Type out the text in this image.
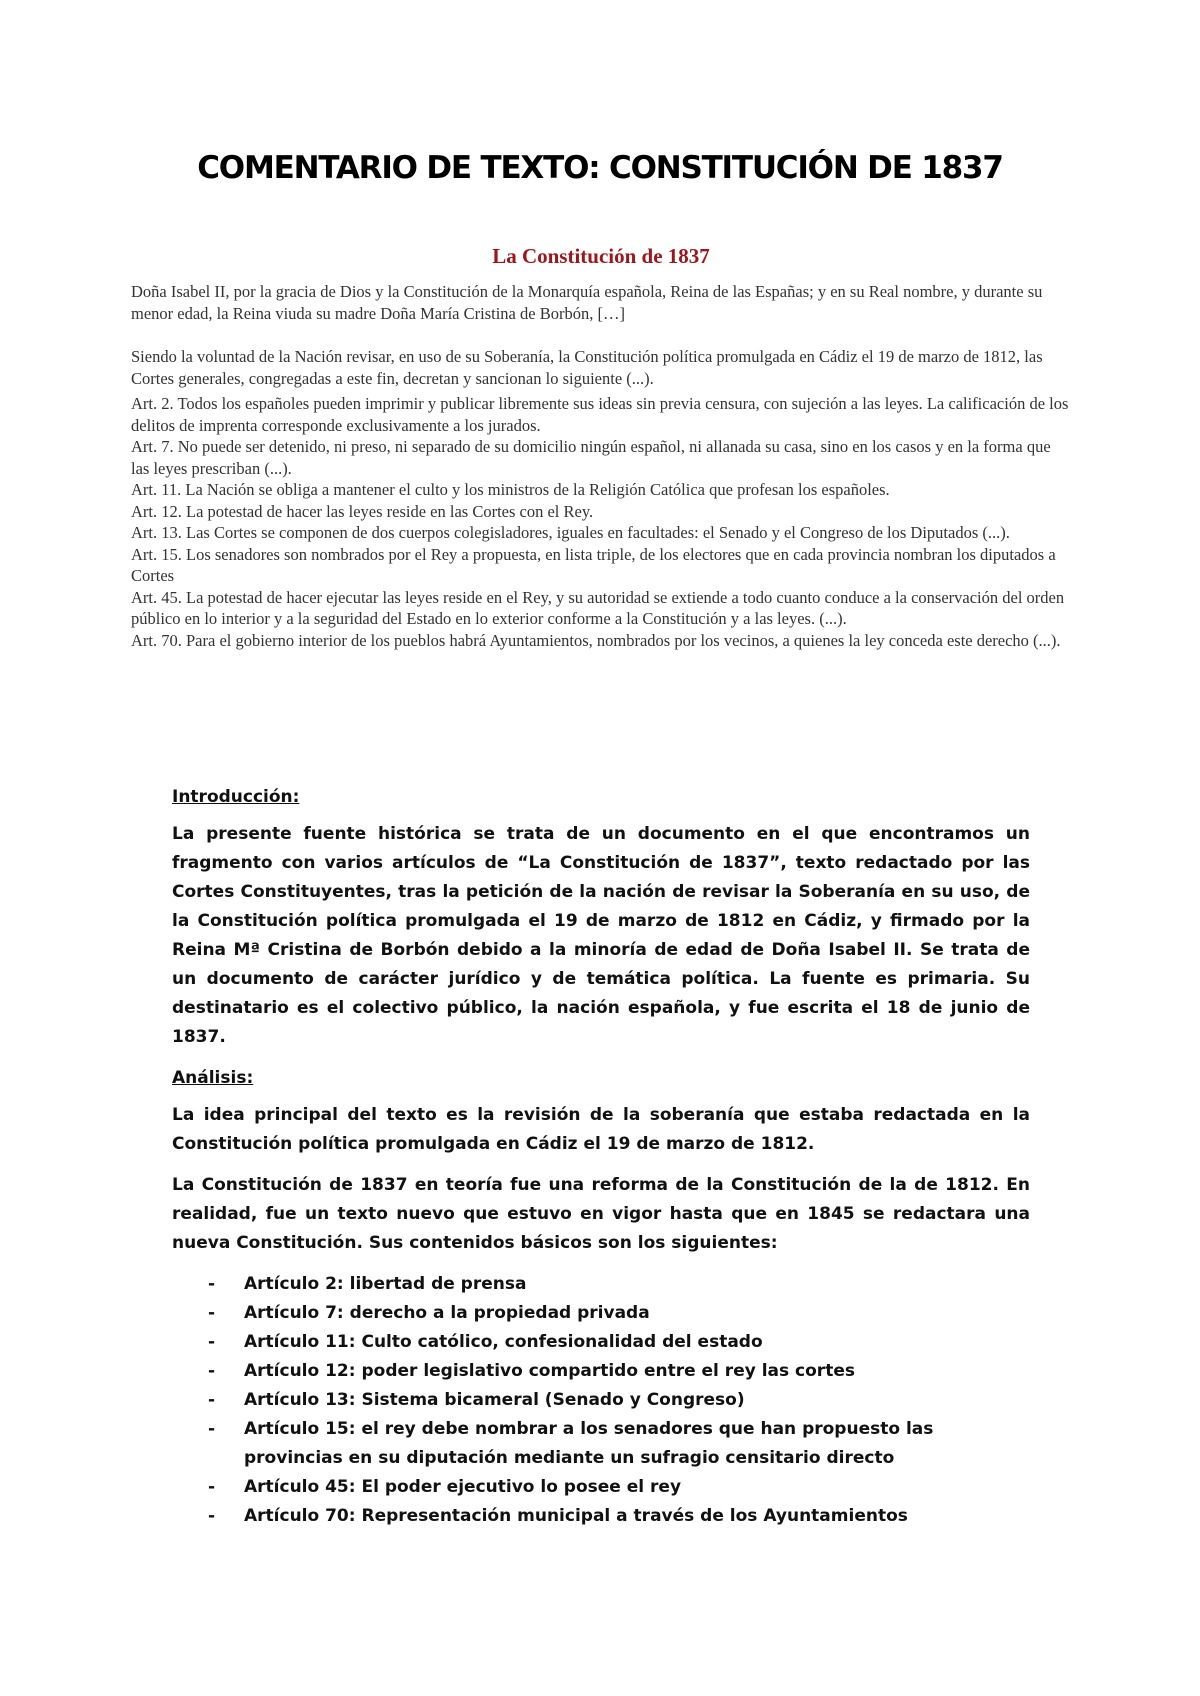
COMENTARIO DE TEXTO: CONSTITUCIÓN DE 1837
La Constitución de 1837

Doña Isabel II, por la gracia de Dios y la Constitución de la Monarquía española, Reina de las Españas; y en su Real nombre, y durante su menor edad, la Reina viuda su madre Doña María Cristina de Borbón, […]

Siendo la voluntad de la Nación revisar, en uso de su Soberanía, la Constitución política promulgada en Cádiz el 19 de marzo de 1812, las Cortes generales, congregadas a este fin, decretan y sancionan lo siguiente (...).

Art. 2. Todos los españoles pueden imprimir y publicar libremente sus ideas sin previa censura, con sujeción a las leyes. La calificación de los delitos de imprenta corresponde exclusivamente a los jurados.

Art. 7. No puede ser detenido, ni preso, ni separado de su domicilio ningún español, ni allanada su casa, sino en los casos y en la forma que las leyes prescriban (...).

Art. 11. La Nación se obliga a mantener el culto y los ministros de la Religión Católica que profesan los españoles.

Art. 12. La potestad de hacer las leyes reside en las Cortes con el Rey.

Art. 13. Las Cortes se componen de dos cuerpos colegisladores, iguales en facultades: el Senado y el Congreso de los Diputados (...).

Art. 15. Los senadores son nombrados por el Rey a propuesta, en lista triple, de los electores que en cada provincia nombran los diputados a Cortes

Art. 45. La potestad de hacer ejecutar las leyes reside en el Rey, y su autoridad se extiende a todo cuanto conduce a la conservación del orden público en lo interior y a la seguridad del Estado en lo exterior conforme a la Constitución y a las leyes. (...).

Art. 70. Para el gobierno interior de los pueblos habrá Ayuntamientos, nombrados por los vecinos, a quienes la ley conceda este derecho (...).

Introducción:

La presente fuente histórica se trata de un documento en el que encontramos un fragmento con varios artículos de “La Constitución de 1837”, texto redactado por las Cortes Constituyentes, tras la petición de la nación de revisar la Soberanía en su uso, de la Constitución política promulgada el 19 de marzo de 1812 en Cádiz, y firmado por la Reina Mª Cristina de Borbón debido a la minoría de edad de Doña Isabel II. Se trata de un documento de carácter jurídico y de temática política. La fuente es primaria. Su destinatario es el colectivo público, la nación española, y fue escrita el 18 de junio de 1837.

Análisis:

La idea principal del texto es la revisión de la soberanía que estaba redactada en la Constitución política promulgada en Cádiz el 19 de marzo de 1812.

La Constitución de 1837 en teoría fue una reforma de la Constitución de la de 1812. En realidad, fue un texto nuevo que estuvo en vigor hasta que en 1845 se redactara una nueva Constitución. Sus contenidos básicos son los siguientes:

- Artículo 2: libertad de prensa
- Artículo 7: derecho a la propiedad privada
- Artículo 11: Culto católico, confesionalidad del estado
- Artículo 12: poder legislativo compartido entre el rey las cortes
- Artículo 13: Sistema bicameral (Senado y Congreso)
- Artículo 15: el rey debe nombrar a los senadores que han propuesto las provincias en su diputación mediante un sufragio censitario directo
- Artículo 45: El poder ejecutivo lo posee el rey
- Artículo 70: Representación municipal a través de los Ayuntamientos
